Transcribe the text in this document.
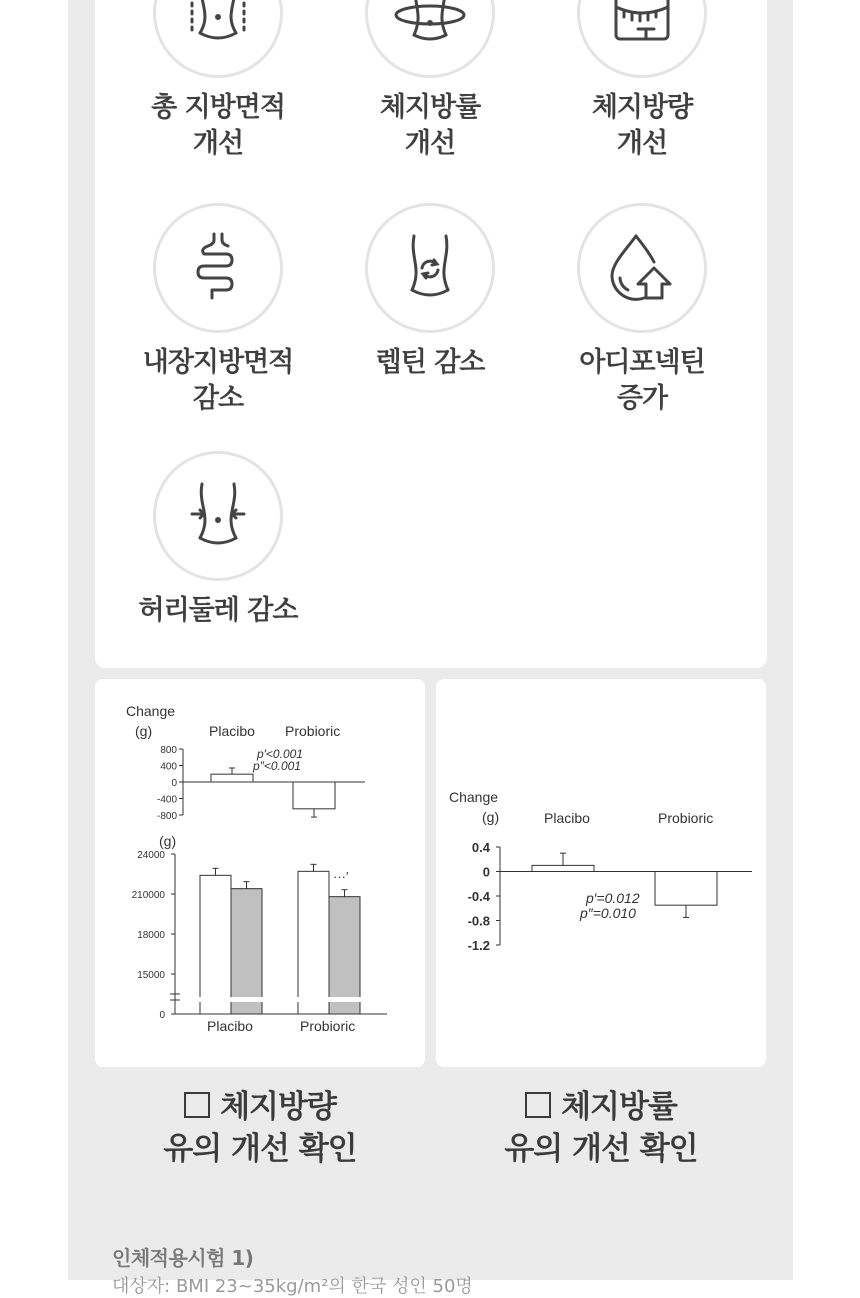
총 지방면적
개선
체지방률
개선
체지방량
개선
내장지방면적
감소
렙틴 감소	아디포넥틴
증가
허리둘레 감소
Change
(g)	Placibo Probioric
p′<0.001
p″<0.001
800
400
0
-400
-800
(g)
24000
210000
18000
15000
0
Placibo	Probioric
···′
Change
(g)	Placibo	Probioric
p′=0.012
p″=0.010
0.4
0
-0.4
-0.8
-1.2
체지방량
유의 개선 확인
체지방률
유의 개선 확인
인체적용시험 1)
대상자: BMI 23~35kg/m²의 한국 성인 50명
